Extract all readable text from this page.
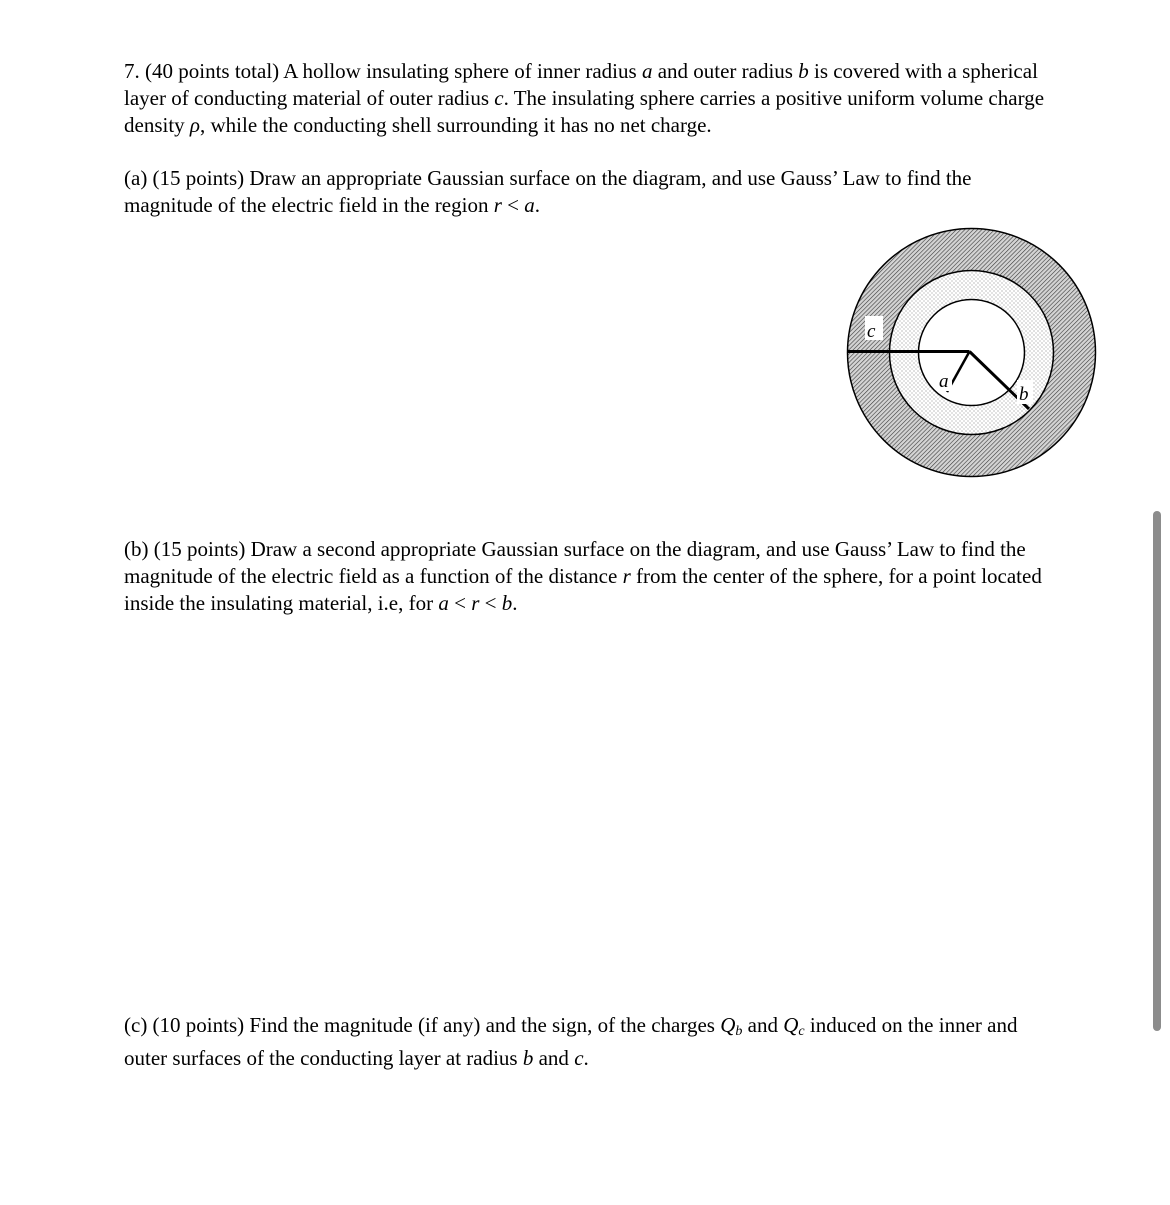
7. (40 points total) A hollow insulating sphere of inner radius a and outer radius b is covered with a spherical layer of conducting material of outer radius c. The insulating sphere carries a positive uniform volume charge density ρ, while the conducting shell surrounding it has no net charge.

(a) (15 points) Draw an appropriate Gaussian surface on the diagram, and use Gauss’ Law to find the magnitude of the electric field in the region r < a.

c
a
b

(b) (15 points) Draw a second appropriate Gaussian surface on the diagram, and use Gauss’ Law to find the magnitude of the electric field as a function of the distance r from the center of the sphere, for a point located inside the insulating material, i.e, for a < r < b.

(c) (10 points) Find the magnitude (if any) and the sign, of the charges $Q_b$ and $Q_c$ induced on the inner and outer surfaces of the conducting layer at radius b and c.
